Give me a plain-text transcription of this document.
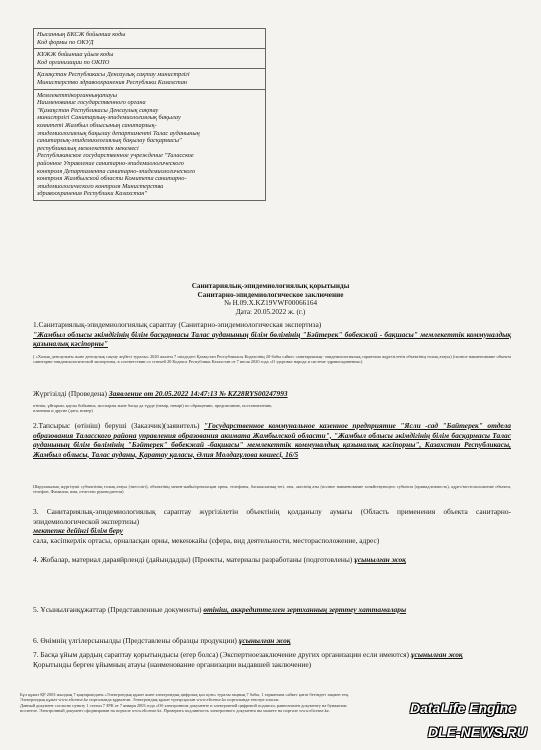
Нысанның БКСЖ бойынша коды
Код формы по ОКУД

КҰЖЖ бойынша ұйым коды
Код организации по ОКПО

Қазақстан Республикасы Денсаулық сақтау министрлігі
Министерство здравоохранения Республики Казахстан

Мемлекеттікорганныңатауы
Наименование государственного органа
"Қазақстан Республикасы Денсаулық сақтау
министрлігі Санитарлық-эпидемиологиялық бақылау
комитеті Жамбыл облысының санитарлық-
эпидемиологиялық бақылау департаменті Талас ауданының
санитарлық-эпидемиологиялық бақылау басқармасы"
республикалық мемлекеттік мекемесі
Республиканское государственное учреждение "Таласское
районное Управление санитарно-эпидемиологического
контроля Департамента санитарно-эпидемиологического
контроля Жамбылской области Комитета санитарно-
эпидемиологического контроля Министерства
здравоохранения Республики Казахстан"
Санитариялық-эпидемиологиялық қорытынды
Санитарно-эпидемиологическое заключение
№ Н.09.Х.KZ19VWF00066164
Дата: 20.05.2022 ж. (г.)
1.Санитариялық-эпидемиологиялық сараптау (Санитарно-эпидемиологическая экспертиза)
"Жамбыл облысы әкімдігінің білім басқармасы Талас ауданының білім бөлімінің "Бәйтерек" бөбекжай - бақшасы" мемлекеттік коммуналдық қазыналық кәсіпорны"
( «Халық денсаулығы және денсаулық сақтау жүйесі туралы» 2020 жылғы 7 шілдедегі Қазақстан Республикасы Кодексінің 20-бабы сәйкес санитариялық- эпидемиологиялық сараптама жүргізілетін объектінің толық атауы) (полное наименование объекта санитарно-эпидемиологической экспертизы, в соответствии со статьей 20 Кодекса Республики Казахстан от 7 июля 2020 года «О здоровье народа и системе здравоохранения»)
Жүргізілді (Проведена) Заявление от 20.05.2022 14:47:13 № KZ28RYS00247993
өтініш, ұйғарым, қаулы бойынша, жоспарлы және басқа да түрде (нөмір, нөмірі) по обращению, предписанию, постановлению, плановая и другие (дата, номер)
2.Тапсырыс (өтініш) беруші (Заказчик)(заявитель) "Государственное коммунальное казенное предприятие "Ясли -сад "Байтерек" отдела образования Таласского района управления образования акимата Жамбылской области", "Жамбыл облысы әкімдігінің білім басқармасы Талас ауданының білім бөлімінің "Бәйтерек" бөбекжай -бақшасы" мемлекеттік коммуналдық қазыналық кәсіпорны", Казахстан Республикасы, Жамбыл облысы, Талас ауданы, Қаратау қаласы, Әлия Молдағұлова көшесі, 16/5
Шаруашылық жүргізуші субъектінің толық атауы (тиесілігі), объектінің мекен-жайы/орналасқан орны, телефоны, басшысының тегі, аты, әкесінің аты (полное наименование хозяйствующего субъекта (принадлежность), адрес/местоположение объекта, телефон, Фамилия, имя, отчество руководителя)
3. Санитариялық-эпидемиологиялық сараптау жүргізілетін объектінің қолданылу аумағы (Область применения объекта санитарно-эпидемиологической экспертизы)
мектепке дейінгі білім беру
сала, кәсіпкерлік ортасы, орналасқан орны, мекенжайы (сфера, вид деятельности, месторасположение, адрес)
4. Жобалар, материал дараяйрленді (дайындадды) (Проекты, материалы разработаны (подготовлены) ұсынылған жоқ
5. Ұсынылғанқұжаттар (Представленные документы) өтініш, аккредиттелген зертханның зерттеу хаттамалары
6. Өнімнің үлгілерсынылды (Представлены образцы продукции) ұсынылған жоқ
7. Басқа ұйым дардың сараптау қорытындысы (егер болса) (Экспертноезаключение других организации если имеются) ұсынылған жоқ
Қорытынды берген ұйымның атауы (наименование организации выдавшей заключение)
Бұл құжат ҚР 2003 жылдың 7 қаңтарындағы «Электрондық құжат және электрондық цифрлық қол қою» туралы заңның 7 бабы, 1 тармағына сәйкес қағаз бетіндегі заңмен тең.
Электрондық құжат www.elicense.kz порталында құрылған. Электрондық құжат түпнұсқасын www.elicense.kz порталында тексере аласыз.
Данный документ согласно пункту 1 статьи 7 ЗРК от 7 января 2003 года «Об электронном документе и электронной цифровой подписи» равнозначен документу на бумажном
носителе. Электронный документ сформирован на портале www.elicense.kz. Проверить подлинность электронного документа вы можете на портале www.elicense.kz.	DataLife Engine
DLE-NEWS.RU
